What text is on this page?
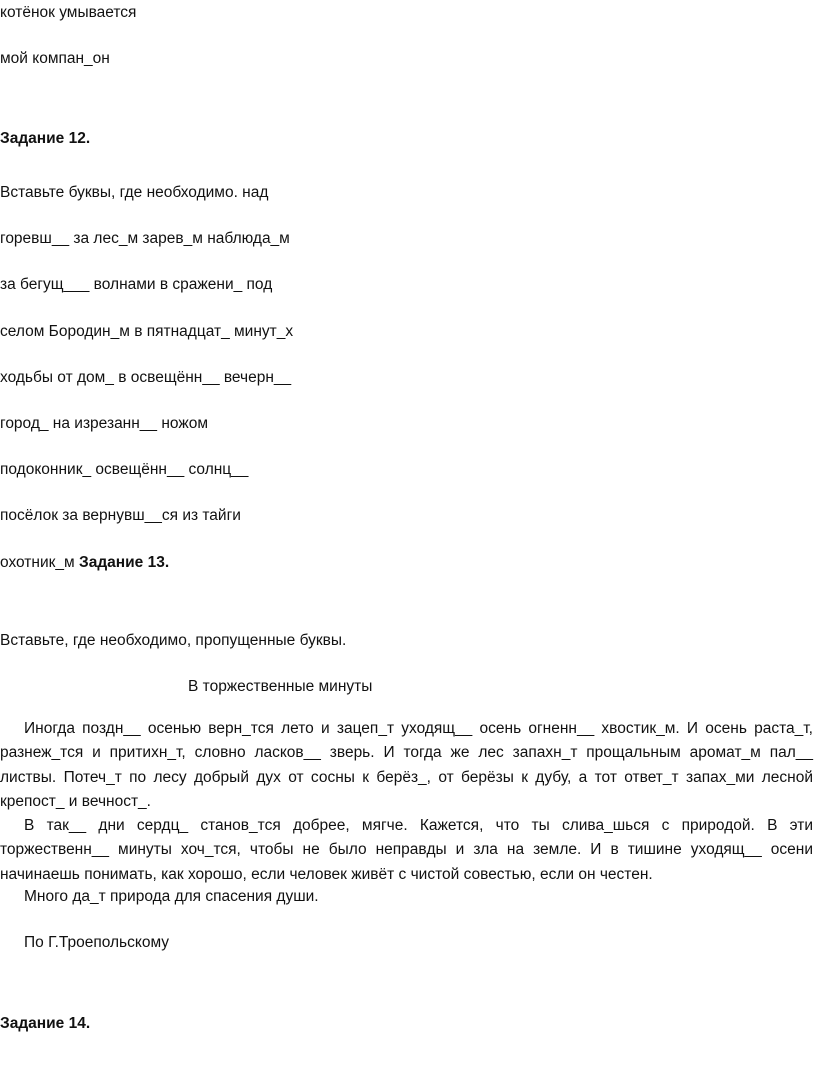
котёнок умывается
мой компан_он
Задание 12.
Вставьте буквы, где необходимо. над
горевш__ за лес_м зарев_м наблюда_м
за бегущ___ волнами в сражени_ под
селом Бородин_м в пятнадцат_ минут_х
ходьбы от дом_ в освещённ__ вечерн__
город_ на изрезанн__ ножом
подоконник_ освещённ__ солнц__
посёлок за вернувш__ся из тайги
охотник_м Задание 13.
Вставьте, где необходимо, пропущенные буквы.
В торжественные минуты

Иногда поздн__ осенью верн_тся лето и зацеп_т уходящ__ осень огненн__ хвостик_м. И осень раста_т, разнеж_тся и притихн_т, словно ласков__ зверь. И тогда же лес запахн_т прощальным аромат_м пал__ листвы. Потеч_т по лесу добрый дух от сосны к берёз_, от берёзы к дубу, а тот ответ_т запах_ми лесной крепост_ и вечност_.

В так__ дни сердц_ станов_тся добрее, мягче. Кажется, что ты слива_шься с природой. В эти торжественн__ минуты хоч_тся, чтобы не было неправды и зла на земле. И в тишине уходящ__ осени начинаешь понимать, как хорошо, если человек живёт с чистой совестью, если он честен.

Много да_т природа для спасения души.
По Г.Троепольскому
Задание 14.
